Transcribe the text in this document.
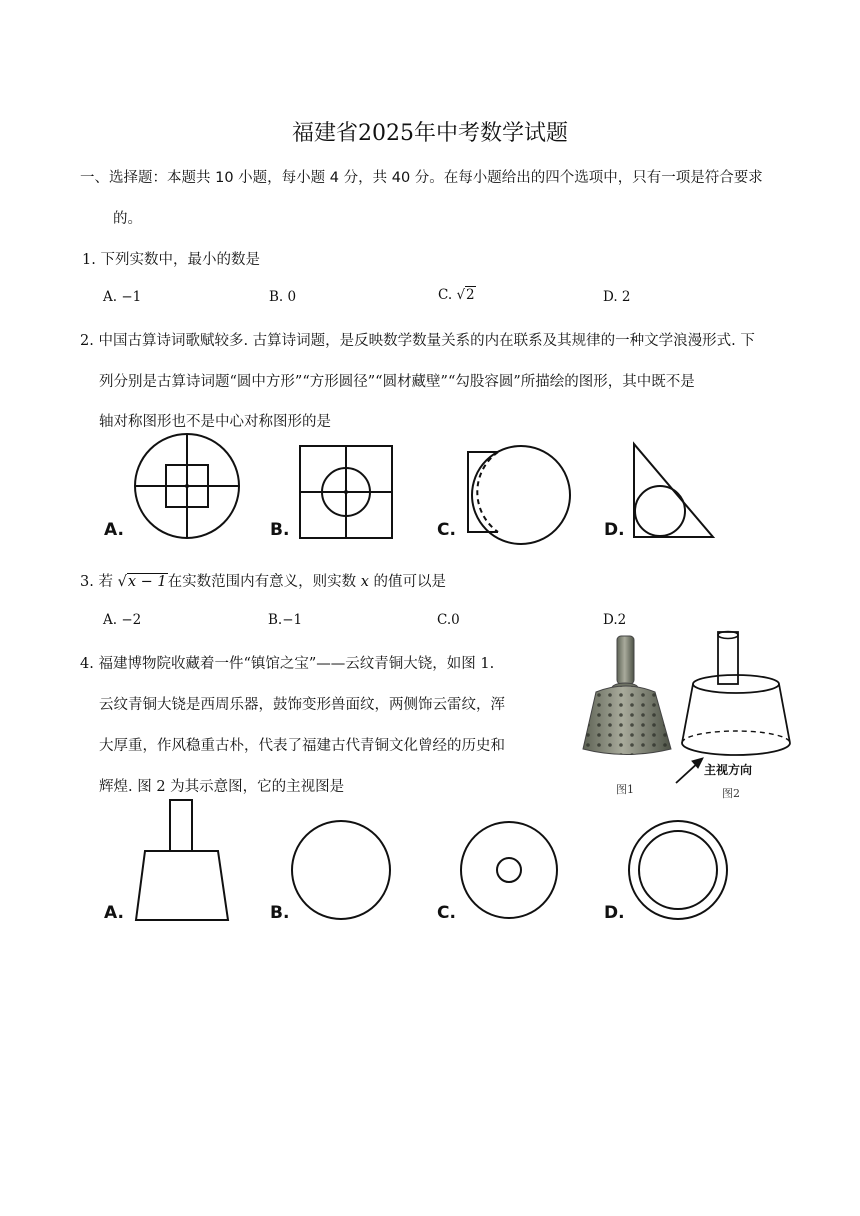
福建省2025年中考数学试题
一、选择题：本题共 10 小题，每小题 4 分，共 40 分。在每小题给出的四个选项中，只有一项是符合要求
的。
1. 下列实数中，最小的数是
A. −1	B. 0	C. √2	D. 2
2. 中国古算诗词歌赋较多. 古算诗词题，是反映数学数量关系的内在联系及其规律的一种文学浪漫形式. 下
列分别是古算诗词题“圆中方形”“方形圆径”“圆材藏壁”“勾股容圆”所描绘的图形，其中既不是
轴对称图形也不是中心对称图形的是
A.	B.	C.	D.
3. 若 √x − 1在实数范围内有意义，则实数 x 的值可以是
A. −2	B.−1	C.0	D.2
4. 福建博物院收藏着一件“镇馆之宝”——云纹青铜大铙，如图 1.
云纹青铜大铙是西周乐器，鼓饰变形兽面纹，两侧饰云雷纹，浑
大厚重，作风稳重古朴，代表了福建古代青铜文化曾经的历史和
辉煌. 图 2 为其示意图，它的主视图是	图1
主视方向
图2
A.	B.	C.	D.
